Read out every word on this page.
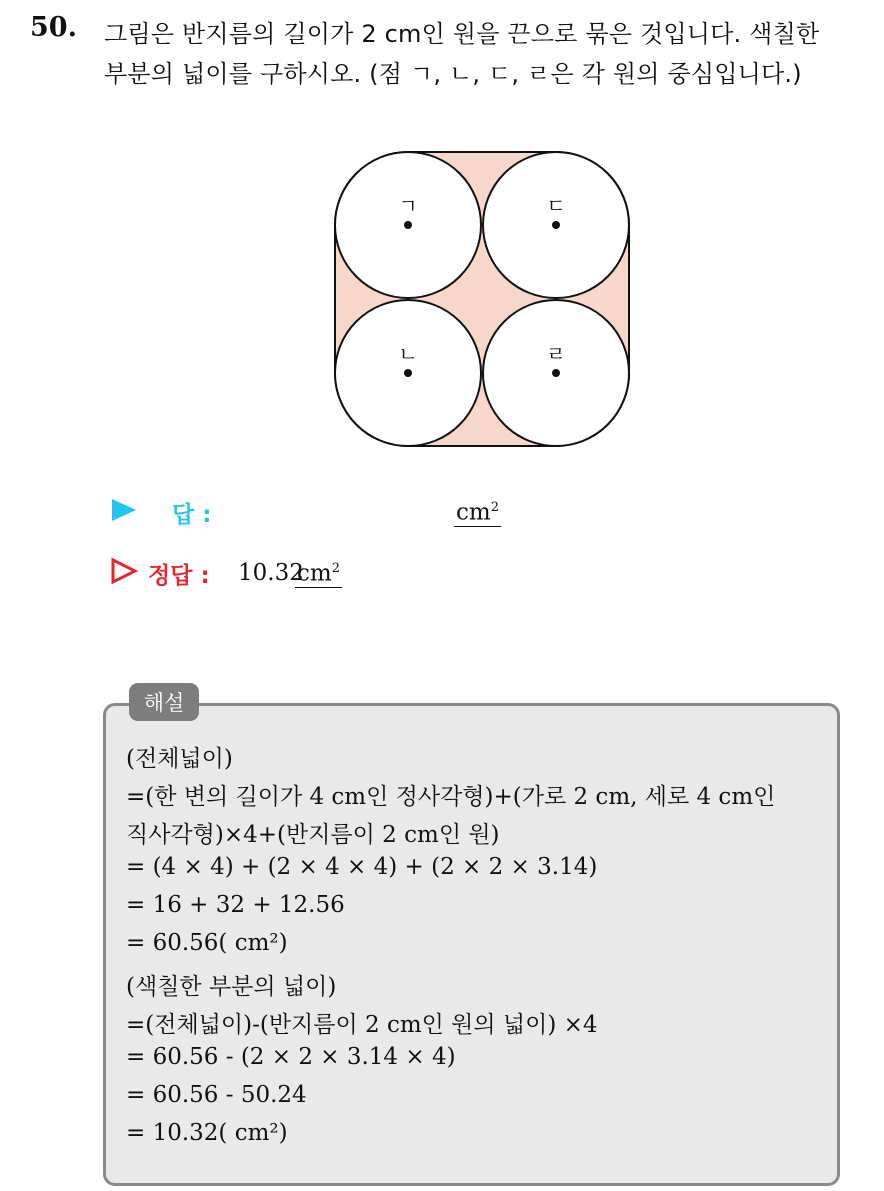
50. 그림은 반지름의 길이가 2 cm인 원을 끈으로 묶은 것입니다. 색칠한
부분의 넓이를 구하시오. (점 ㄱ, ㄴ, ㄷ, ㄹ은 각 원의 중심입니다.)
ㄱ	ㄷ
ㄴ	ㄹ
답 :	$cm^2$
정답 : 10.32
$cm^2$
해설
(전체넓이)
=(한 변의 길이가 4 cm인 정사각형)+(가로 2 cm, 세로 4 cm인
직사각형)×4+(반지름이 2 cm인 원)
= (4 × 4) + (2 × 4 × 4) + (2 × 2 × 3.14)
= 16 + 32 + 12.56
= 60.56( cm²)
(색칠한 부분의 넓이)
=(전체넓이)-(반지름이 2 cm인 원의 넓이) ×4
= 60.56 - (2 × 2 × 3.14 × 4)
= 60.56 - 50.24
= 10.32( cm²)
